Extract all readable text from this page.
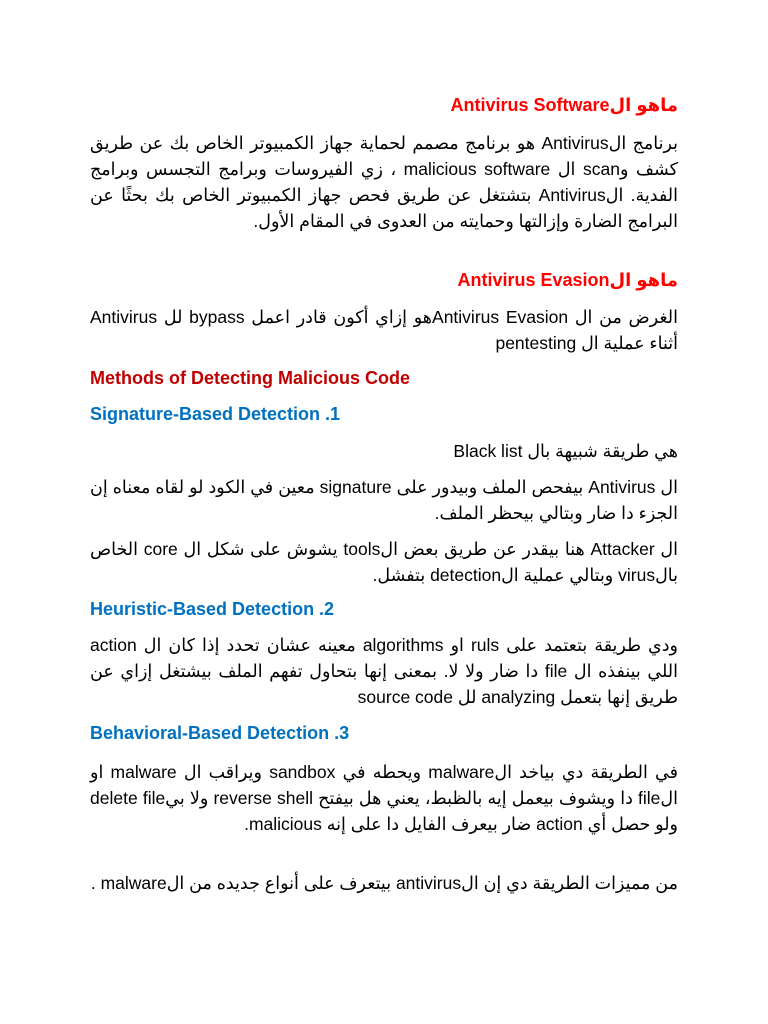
ماهو الAntivirus Software

برنامج الAntivirus هو برنامج مصمم لحماية جهاز الكمبيوتر الخاص بك عن طريق كشف وscan ال malicious software ، زي الفيروسات وبرامج التجسس وبرامج الفدية. الAntivirus بتشتغل عن طريق فحص جهاز الكمبيوتر الخاص بك بحثًا عن البرامج الضارة وإزالتها وحمايته من العدوى في المقام الأول.

ماهو الAntivirus Evasion

الغرض من ال Antivirus Evasionهو إزاي أكون قادر اعمل bypass لل Antivirus أثناء عملية ال pentesting

Methods of Detecting Malicious Code
Signature-Based Detection .1

هي طريقة شبيهة بال Black list

ال Antivirus بيفحص الملف وبيدور على signature معين في الكود لو لقاه معناه إن الجزء دا ضار وبتالي بيحظر الملف.

ال Attacker هنا بيقدر عن طريق بعض الtools يشوش على شكل ال core الخاص بالvirus وبتالي عملية الdetection بتفشل.

Heuristic-Based Detection .2

ودي طريقة بتعتمد على ruls او algorithms معينه عشان تحدد إذا كان ال action اللي بينفذه ال file دا ضار ولا لا. بمعنى إنها بتحاول تفهم الملف بيشتغل إزاي عن طريق إنها بتعمل analyzing لل source code

Behavioral-Based Detection .3

في الطريقة دي بياخد الmalware ويحطه في sandbox ويراقب ال malware او الfile دا ويشوف بيعمل إيه بالظبط، يعني هل بيفتح reverse shell ولا بيdelete file ولو حصل أي action ضار بيعرف الفايل دا على إنه malicious.

من مميزات الطريقة دي إن الantivirus بيتعرف على أنواع جديده من الmalware .
